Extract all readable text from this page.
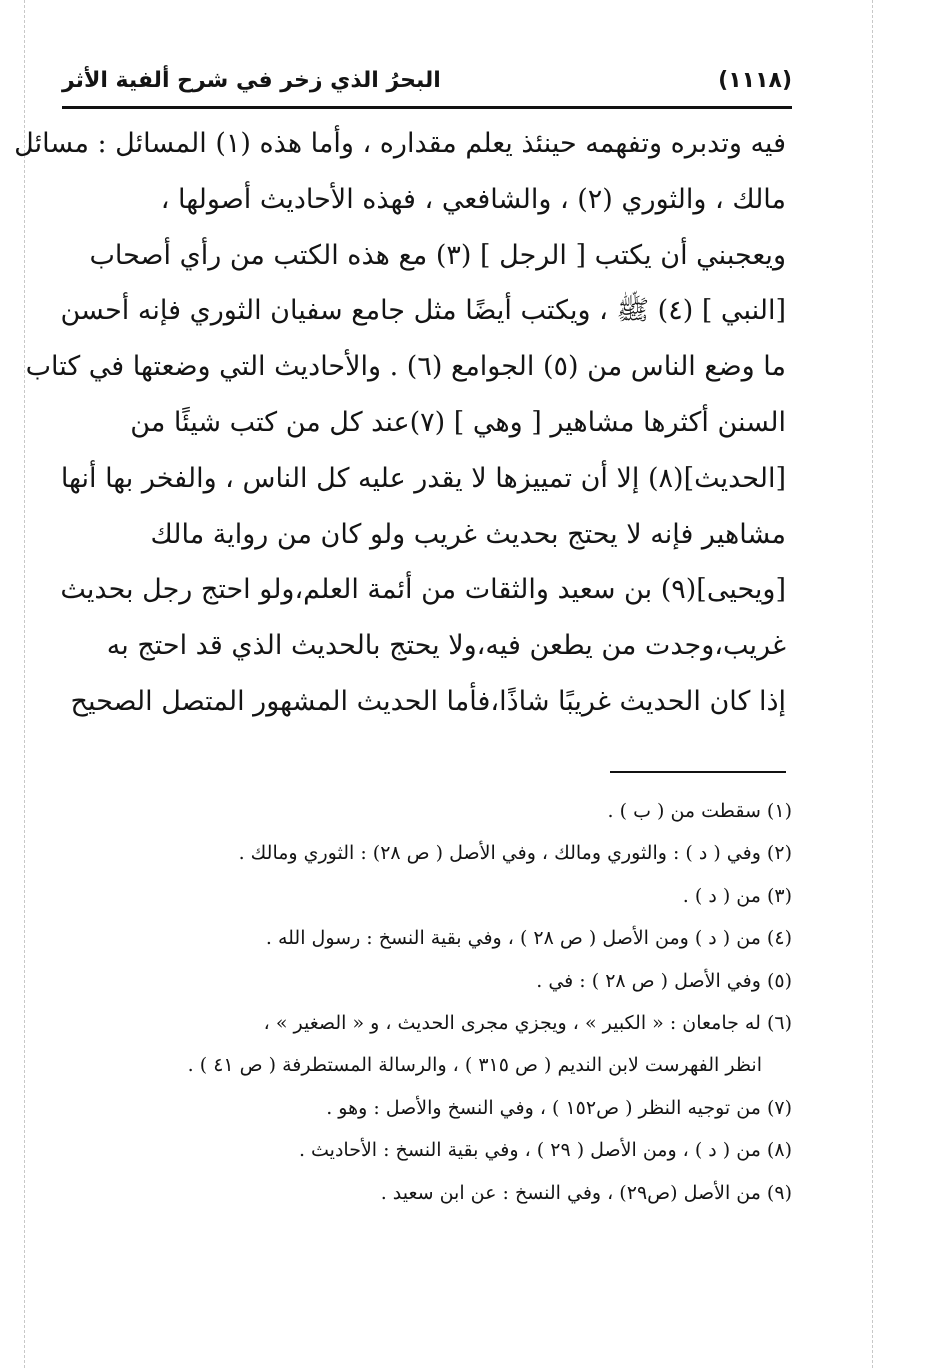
البحرُ الذي زخر في شرح ألفية الأثر	(١١١٨)
فيه وتدبره وتفهمه حينئذ يعلم مقداره ، وأما هذه (١) المسائل : مسائل
مالك ، والثوري (٢) ، والشافعي ، فهذه الأحاديث أصولها ،
ويعجبني أن يكتب [ الرجل ] (٣) مع هذه الكتب من رأي أصحاب
[النبي ] (٤) ﷺ ، ويكتب أيضًا مثل جامع سفيان الثوري فإنه أحسن
ما وضع الناس من (٥) الجوامع (٦) . والأحاديث التي وضعتها في كتاب
السنن أكثرها مشاهير [ وهي ] (٧)عند كل من كتب شيئًا من
[الحديث](٨) إلا أن تمييزها لا يقدر عليه كل الناس ، والفخر بها أنها
مشاهير فإنه لا يحتج بحديث غريب ولو كان من رواية مالك
[ويحيى](٩) بن سعيد والثقات من أئمة العلم،ولو احتج رجل بحديث
غريب،وجدت من يطعن فيه،ولا يحتج بالحديث الذي قد احتج به
إذا كان الحديث غريبًا شاذًا،فأما الحديث المشهور المتصل الصحيح
(١) سقطت من ( ب ) .
(٢) وفي ( د ) : والثوري ومالك ، وفي الأصل ( ص ٢٨) : الثوري ومالك .
(٣) من ( د ) .
(٤) من ( د ) ومن الأصل ( ص ٢٨ ) ، وفي بقية النسخ : رسول الله .
(٥) وفي الأصل ( ص ٢٨ ) : في .
(٦) له جامعان : « الكبير » ، ويجزي مجرى الحديث ، و « الصغير » ،
انظر الفهرست لابن النديم ( ص ٣١٥ ) ، والرسالة المستطرفة ( ص ٤١ ) .
(٧) من توجيه النظر ( ص١٥٢ ) ، وفي النسخ والأصل : وهو .
(٨) من ( د ) ، ومن الأصل ( ٢٩ ) ، وفي بقية النسخ : الأحاديث .
(٩) من الأصل (ص٢٩) ، وفي النسخ : عن ابن سعيد .
